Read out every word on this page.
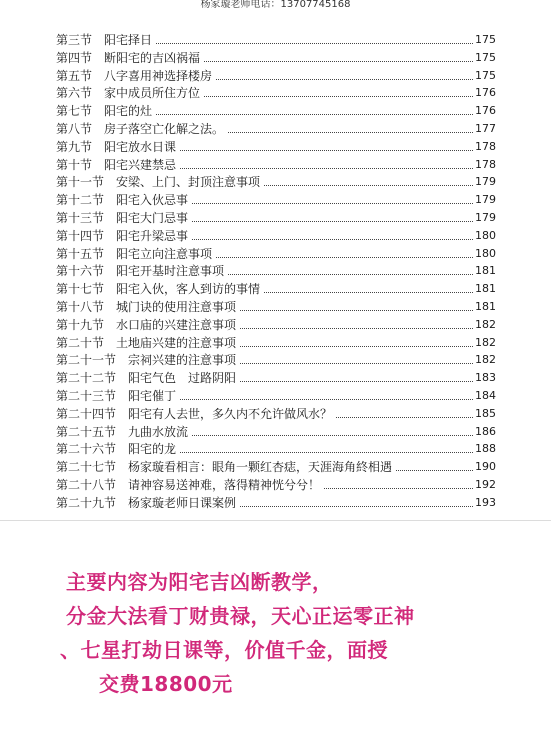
杨家璇老师电话：13707745168
第三节　阳宅择日	175
第四节　断阳宅的吉凶祸福	175
第五节　八字喜用神选择楼房	175
第六节　家中成员所住方位	176
第七节　阳宅的灶	176
第八节　房子落空亡化解之法。	177
第九节　阳宅放水日课	178
第十节　阳宅兴建禁忌	178
第十一节　安梁、上门、封顶注意事项	179
第十二节　阳宅入伙忌事	179
第十三节　阳宅大门忌事	179
第十四节　阳宅升梁忌事	180
第十五节　阳宅立向注意事项	180
第十六节　阳宅开基时注意事项	181
第十七节　阳宅入伙，客人到访的事情	181
第十八节　城门诀的使用注意事项	181
第十九节　水口庙的兴建注意事项	182
第二十节　土地庙兴建的注意事项	182
第二十一节　宗祠兴建的注意事项	182
第二十二节　阳宅气色　过路阴阳	183
第二十三节　阳宅催丁	184
第二十四节　阳宅有人去世，多久内不允许做风水？	185
第二十五节　九曲水放流	186
第二十六节　阳宅的龙	188
第二十七节　杨家璇看相言：眼角一颗红杏痣，天涯海角終相遇	190
第二十八节　请神容易送神难，落得精神恍兮兮！	192
第二十九节　杨家璇老师日课案例	193
主要内容为阳宅吉凶断教学，
分金大法看丁财贵禄，天心正运零正神
、七星打劫日课等，价值千金，面授
交费18800元
